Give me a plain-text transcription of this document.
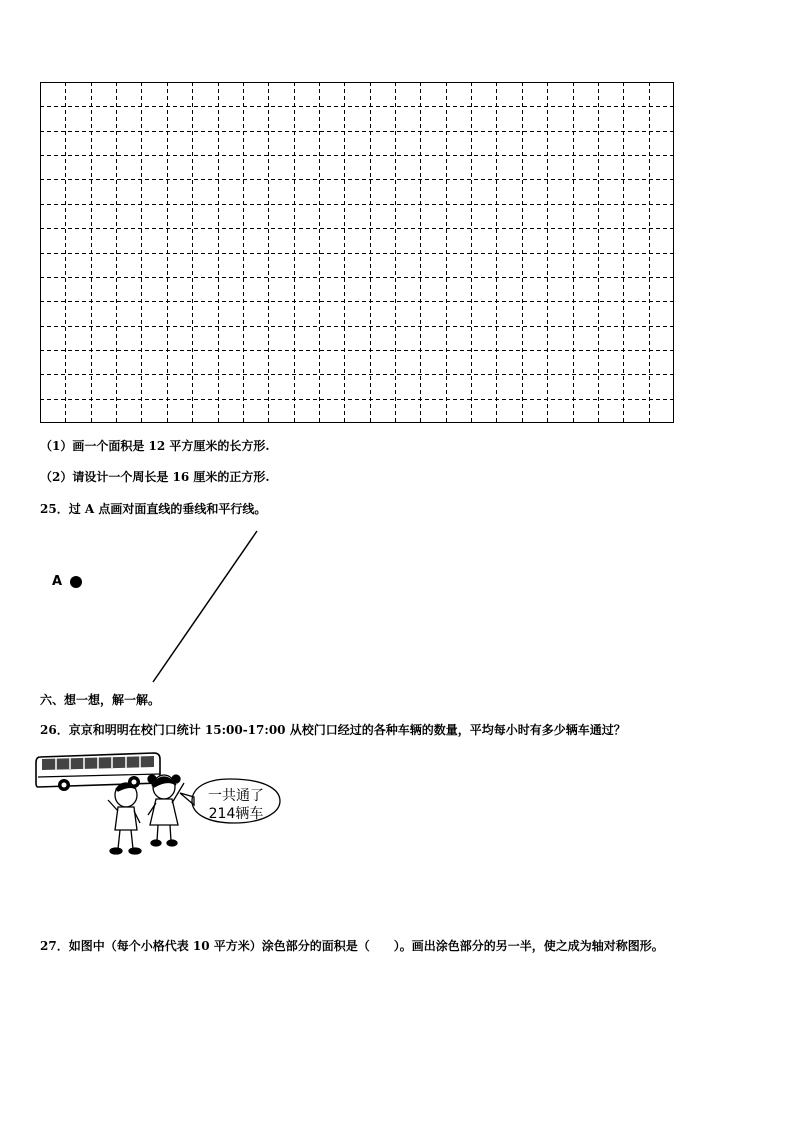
（1）画一个面积是 12 平方厘米的长方形.
（2）请设计一个周长是 16 厘米的正方形.
25．过 A 点画对面直线的垂线和平行线。
A
六、想一想，解一解。
26．京京和明明在校门口统计 15:00-17:00 从校门口经过的各种车辆的数量，平均每小时有多少辆车通过？
一共通了
214辆车
27．如图中（每个小格代表 10 平方米）涂色部分的面积是（　　）。画出涂色部分的另一半，使之成为轴对称图形。
